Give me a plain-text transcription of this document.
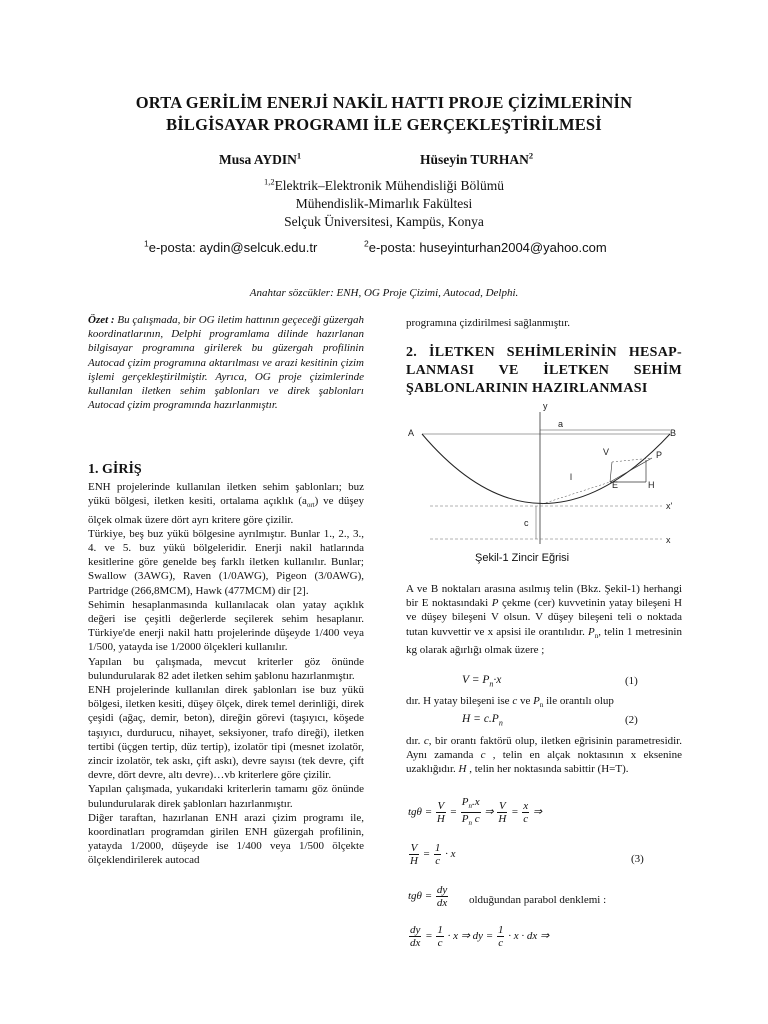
ORTA GERİLİM ENERJİ NAKİL HATTI PROJE ÇİZİMLERİNİN
BİLGİSAYAR PROGRAMI İLE GERÇEKLEŞTİRİLMESİ
Musa AYDIN$^1$	Hüseyin TURHAN$^2$
$^{1,2}$Elektrik–Elektronik Mühendisliği Bölümü
Mühendislik-Mimarlık Fakültesi
Selçuk Üniversitesi, Kampüs, Konya
$^1$e-posta: aydin@selcuk.edu.tr	$^2$e-posta: huseyinturhan2004@yahoo.com
Anahtar sözcükler: ENH, OG Proje Çizimi, Autocad, Delphi.
Özet : Bu çalışmada, bir OG iletim hattının geçeceği güzergah koordinatlarının, Delphi programlama dilinde hazırlanan bilgisayar programına girilerek bu güzergah profilinin Autocad çizim programına aktarılması ve arazi kesitinin çizim işlemi gerçekleştirilmiştir. Ayrıca, OG proje çizimlerinde kullanılan iletken sehim şablonları ve direk şablonları Autocad çizim programında hazırlanmıştır.
1. GİRİŞ

ENH projelerinde kullanılan iletken sehim şablonları; buz yükü bölgesi, iletken kesiti, ortalama açıklık $(a_{ort})$ ve düşey ölçek olmak üzere dört ayrı kritere göre çizilir.

Türkiye, beş buz yükü bölgesine ayrılmıştır. Bunlar 1., 2., 3., 4. ve 5. buz yükü bölgeleridir. Enerji nakil hatlarında kesitlerine göre genelde beş farklı iletken kullanılır. Bunlar; Swallow (3AWG), Raven (1/0AWG), Pigeon (3/0AWG), Partridge (266,8MCM), Hawk (477MCM) dir [2].

Sehimin hesaplanmasında kullanılacak olan yatay açıklık değeri ise çeşitli değerlerde seçilerek sehim hesaplanır. Türkiye'de enerji nakil hattı projelerinde düşeyde 1/400 veya 1/500, yatayda ise 1/2000 ölçekleri kullanılır.

Yapılan bu çalışmada, mevcut kriterler göz önünde bulundurularak 82 adet iletken sehim şablonu hazırlanmıştır.

ENH projelerinde kullanılan direk şablonları ise buz yükü bölgesi, iletken kesiti, düşey ölçek, direk temel derinliği, direk çeşidi (ağaç, demir, beton), direğin görevi (taşıyıcı, köşede taşıyıcı, durdurucu, nihayet, seksiyoner, trafo direği), iletken tertibi (üçgen tertip, düz tertip), izolatör tipi (mesnet izolatör, zincir izolatör, tek askı, çift askı), devre sayısı (tek devre, çift devre, dört devre, altı devre)…vb kriterlere göre çizilir.

Yapılan çalışmada, yukarıdaki kriterlerin tamamı göz önünde bulundurularak direk şablonları hazırlanmıştır.

Diğer taraftan, hazırlanan ENH arazi çizim programı ile, koordinatları programdan girilen ENH güzergah profilinin, yatayda 1/2000, düşeyde ise 1/400 veya 1/500 ölçekte ölçeklendirilerek autocad

programına çizdirilmesi sağlanmıştır.
2. İLETKEN SEHİMLERİNİN HESAP-LANMASI VE İLETKEN SEHİM ŞABLONLARININ HAZIRLANMASI
y
A	B
a
V	P
l
E	H
c
x'
x
Şekil-1 Zincir Eğrisi
A ve B noktaları arasına asılmış telin (Bkz. Şekil-1) herhangi bir E noktasındaki P çekme (cer) kuvvetinin yatay bileşeni H ve düşey bileşeni V olsun. V düşey bileşeni teli o noktada tutan kuvvettir ve x apsisi ile orantılıdır. $P_n$, telin 1 metresinin kg olarak ağırlığı olmak üzere ;
$V = P_n\cdot x$	(1)
dır. H yatay bileşeni ise c ve $P_n$ ile orantılı olup
$H = c.P_n$	(2)
dır. c, bir orantı faktörü olup, iletken eğrisinin parametresidir. Aynı zamanda c , telin en alçak noktasının x eksenine uzaklığıdır. H , telin her noktasında sabittir (H=T).
$tg\theta = \frac{V}{H} = \frac{P_n.x}{P_n c}$ ⇒ $\frac{V}{H} = \frac{x}{c}$ ⇒
$\frac{V}{H} = \frac{1}{c} \cdot x$	(3)
$tg\theta = \frac{dy}{dx}$ olduğundan parabol denklemi :
$\frac{dy}{dx} = \frac{1}{c} \cdot x$ ⇒ dy = $\frac{1}{c} \cdot x$ · dx ⇒
